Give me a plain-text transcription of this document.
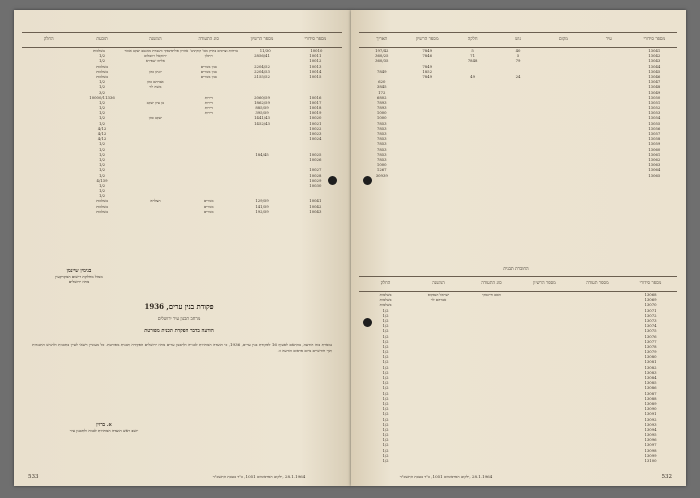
מספר סידורי
מספר הרשיון
סוג התעודה
המשנה
תובעת
החלק
10010
11/30
ברחות וצרכים בתיק מס' קוקיניב'
אהרון פוליפינסקי והגברת מוזנטב יעקב אומר
בשלמות
10011
2856/41
ויתלון
יחזקאל רוזבלום
1/2
10012
אליהו שפירא
1/2
10013
2204/52
בנין מגורים
בשלמות
10014
2204/53
בנין מגורים
יונתן כהן
בשלמות
10015
2155/52
בנין מגורים
בשלמות
אברהם כהן
1/2
משה לוי
1/2
3/2
10016
2060/59
דירות
10000/11336
10017
1862/59
דירות
בן ציון יעקב
1/2
10018
885/59
דירות
1/2
10019
395/59
דירות
1/2
10020
1441/43
יעקב כהן
1/2
10021
1452/43
1/2
10022
4/12
10023
4/12
10024
4/12
1/2
1/2
10025
184/45
1/2
10026
1/2
1/2
10027
1/2
10028
1/2
10029
4/139
10030
1/2
1/2
1/2
10041
129/59
מגורים
הצלחה
בשלמות
10042
141/59
מגורים
בשלמות
10043
192/59
מגורים
בשלמות
בנימין שיינמן
מנהל מחלקת רישום המקרקעין
מחוז ירושלים
פקודת בנין ערים, 1936
מרחב תכנון עיר ירושלים
הודעה בדבר הפקדת תכנית מפורטת
נמסרת בזה הודעה, בהתאם לסעיף 16 לפקודת בנין ערים, 1936, כי הועדה המחוזית לבנייה ולתכנון ערים מחוז ירושלים הפקידה תכנית מפורטת. כל מעוניין רשאי לעיין בתכנית ולהגיש התנגדות תוך חודשיים מיום פרסום הודעה זו.
א. ברזין
יושב ראש הועדה המחוזית לבניה ולתכנון עיר
533	28.1.1964 ,ילקוט הפרסומים 1051, כ"ד בטבת התשכ"ד
מספר סידורי
עיר
מקום
גוש
חלקה
מספר הרשיון
תאריך
13041
40
5
7849
197/42
13042
5
71
7846
360/25
13043
79
7848
360/35
13044
7849
13045
1852
7849
13046
24
49
7849
13047
620
13048
3845
13049
172
13050
6802
13051
7893
13052
7893
13053
1000
13054
1000
13055
7853
13056
7853
13057
7853
13058
7853
13059
7853
13060
7853
13061
7853
13062
7853
13063
1000
13064
1267
13065
30939
החוכרת תבנית
מספר סידורי
מספר תעודה
מספר הרשיון
סוג התעודה
המשנה
החלק
13068
הסם חיינסקי
ישראל הנסקוס
בשלמות
13069
אברהם לוי
בשלמות
13070
בשלמות
13071
1/2
13072
1/2
13073
1/2
13074
1/2
13075
1/2
13076
1/2
13077
1/2
13078
1/2
13079
1/2
13080
1/2
13081
1/2
13082
1/2
13083
1/2
13084
1/2
13085
1/2
13086
1/2
13087
1/2
13088
1/2
13089
1/2
13090
1/2
13091
1/2
13092
1/2
13093
1/2
13094
1/2
13095
1/2
13096
1/2
13097
1/2
13098
1/2
13099
1/2
13100
1/2
28.1.1964 ,ילקוט הפרסומים 1051, כ"ד בטבת התשכ"ד	532
